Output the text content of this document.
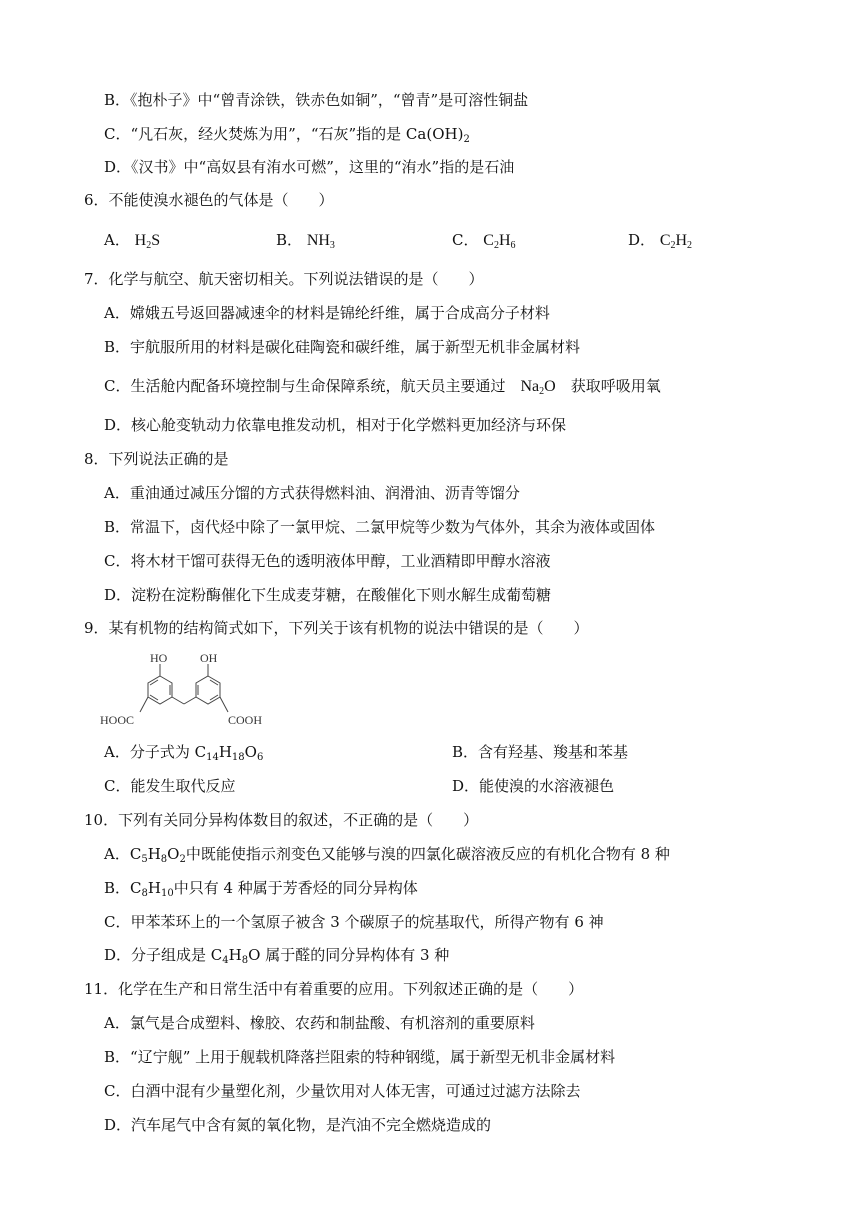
B．《抱朴子》中“曾青涂铁，铁赤色如铜”，“曾青”是可溶性铜盐
C．“凡石灰，经火焚炼为用”，“石灰”指的是 $Ca(OH)_2$
D．《汉书》中“高奴县有洧水可燃”，这里的“洧水”指的是石油
6．不能使溴水褪色的气体是（　　）
A． $H_2S$	B． $NH_3$	C． $C_2H_6$	D． $C_2H_2$
7．化学与航空、航天密切相关。下列说法错误的是（　　）
A．嫦娥五号返回器减速伞的材料是锦纶纤维，属于合成高分子材料
B．宇航服所用的材料是碳化硅陶瓷和碳纤维，属于新型无机非金属材料
C．生活舱内配备环境控制与生命保障系统，航天员主要通过  $Na_2O$  获取呼吸用氧
D．核心舱变轨动力依靠电推发动机，相对于化学燃料更加经济与环保
8．下列说法正确的是
A．重油通过减压分馏的方式获得燃料油、润滑油、沥青等馏分
B．常温下，卤代烃中除了一氯甲烷、二氯甲烷等少数为气体外，其余为液体或固体
C．将木材干馏可获得无色的透明液体甲醇，工业酒精即甲醇水溶液
D．淀粉在淀粉酶催化下生成麦芽糖，在酸催化下则水解生成葡萄糖
9．某有机物的结构简式如下，下列关于该有机物的说法中错误的是（　　）
HO	OH
HOOC	COOH
A．分子式为 $C_{14}H_{18}O_6$	B．含有羟基、羧基和苯基
C．能发生取代反应	D．能使溴的水溶液褪色
10．下列有关同分异构体数目的叙述，不正确的是（　　）
A．$C_5H_8O_2$中既能使指示剂变色又能够与溴的四氯化碳溶液反应的有机化合物有 8 种
B．$C_8H_{10}$中只有 4 种属于芳香烃的同分异构体
C．甲苯苯环上的一个氢原子被含 3 个碳原子的烷基取代，所得产物有 6 神
D．分子组成是 $C_4H_8O$ 属于醛的同分异构体有 3 种
11．化学在生产和日常生活中有着重要的应用。下列叙述正确的是（　　）
A．氯气是合成塑料、橡胶、农药和制盐酸、有机溶剂的重要原料
B．“辽宁舰” 上用于舰载机降落拦阻索的特种钢缆，属于新型无机非金属材料
C．白酒中混有少量塑化剂，少量饮用对人体无害，可通过过滤方法除去
D．汽车尾气中含有氮的氧化物，是汽油不完全燃烧造成的
